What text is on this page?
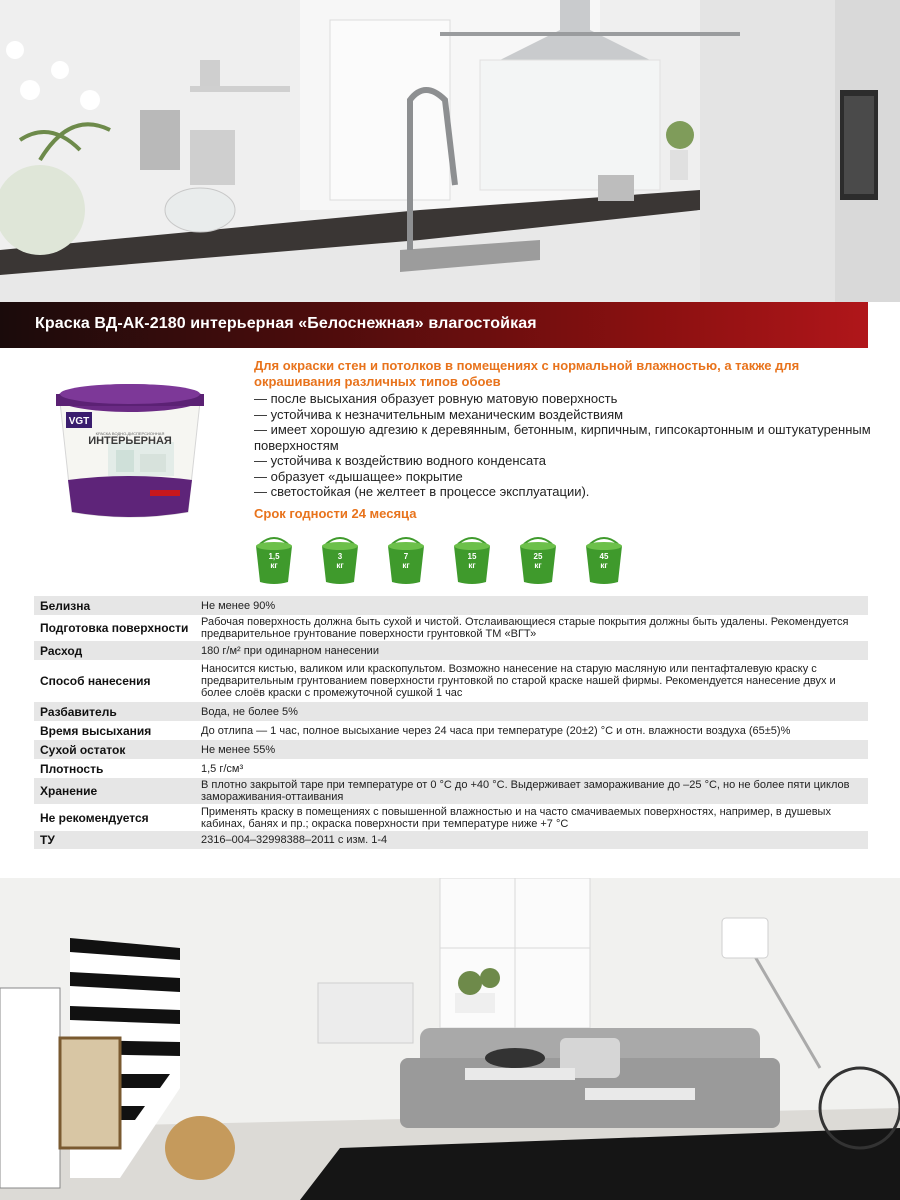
Краска ВД-АК-2180 интерьерная «Белоснежная» влагостойкая
VGT
КРАСКА ВОДНО-ДИСПЕРСИОННАЯ
ИНТЕРЬЕРНАЯ

Для окраски стен и потолков в помещениях с нормальной влажностью, а также для окрашивания различных типов обоев

— после высыхания образует ровную матовую поверхность
— устойчива к незначительным механическим воздействиям
— имеет хорошую адгезию к деревянным, бетонным, кирпичным, гипсокартонным и оштукатуренным поверхностям
— устойчива к воздействию водного конденсата
— образует «дышащее» покрытие
— светостойкая (не желтеет в процессе эксплуатации).
Срок годности 24 месяца
1,5
кг
3
кг
7
кг
15
кг
25
кг
45
кг
Белизна	Не менее 90%
Подготовка поверхности	Рабочая поверхность должна быть сухой и чистой. Отслаивающиеся старые покрытия должны быть удалены. Рекомендуется предварительное грунтование поверхности грунтовкой ТМ «ВГТ»
Расход	180 г/м² при одинарном нанесении
Способ нанесения	Наносится кистью, валиком или краскопультом. Возможно нанесение на старую масляную или пентафталевую краску с предварительным грунтованием поверхности грунтовкой по старой краске нашей фирмы. Рекомендуется нанесение двух и более слоёв краски с промежуточной сушкой 1 час
Разбавитель	Вода, не более 5%
Время высыхания	До отлипа — 1 час, полное высыхание через 24 часа при температуре (20±2) °С и отн. влажности воздуха (65±5)%
Сухой остаток	Не менее 55%
Плотность	1,5 г/см³
Хранение	В плотно закрытой таре при температуре от 0 °С до +40 °С. Выдерживает замораживание до –25 °С, но не более пяти циклов замораживания-оттаивания
Не рекомендуется	Применять краску в помещениях с повышенной влажностью и на часто смачиваемых поверхностях, например, в душевых кабинах, банях и пр.; окраска поверхности при температуре ниже +7 °С
ТУ	2316–004–32998388–2011 с изм. 1-4
